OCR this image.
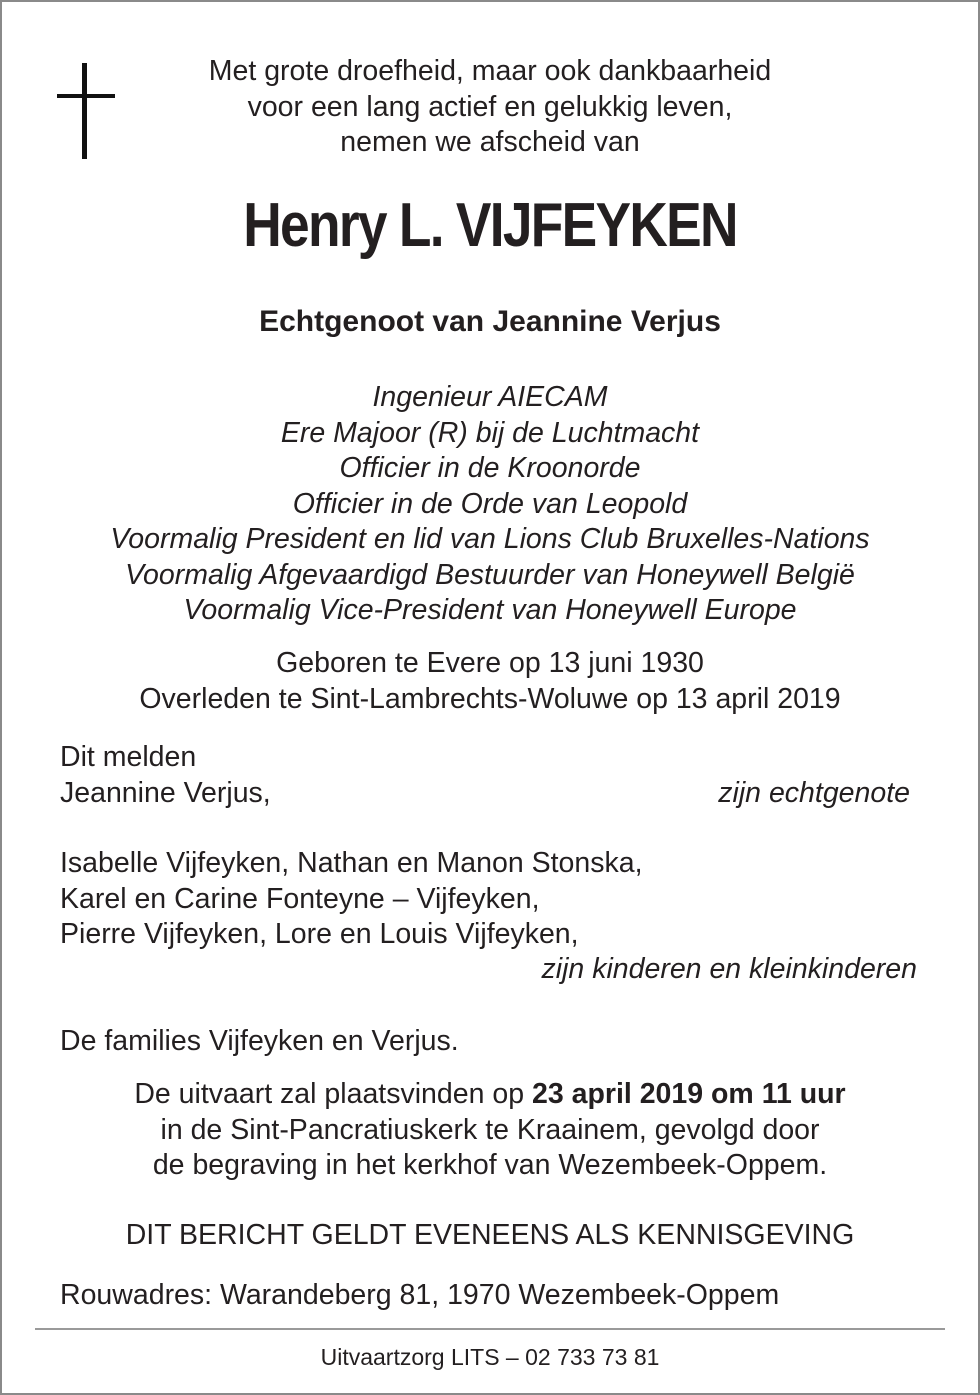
Met grote droefheid, maar ook dankbaarheid
voor een lang actief en gelukkig leven,
nemen we afscheid van
Henry L. VIJFEYKEN
Echtgenoot van Jeannine Verjus
Ingenieur AIECAM
Ere Majoor (R) bij de Luchtmacht
Officier in de Kroonorde
Officier in de Orde van Leopold
Voormalig President en lid van Lions Club Bruxelles-Nations
Voormalig Afgevaardigd Bestuurder van Honeywell België
Voormalig Vice-President van Honeywell Europe
Geboren te Evere op 13 juni 1930
Overleden te Sint-Lambrechts-Woluwe op 13 april 2019
Dit melden
Jeannine Verjus,	zijn echtgenote
Isabelle Vijfeyken, Nathan en Manon Stonska,
Karel en Carine Fonteyne – Vijfeyken,
Pierre Vijfeyken, Lore en Louis Vijfeyken,
zijn kinderen en kleinkinderen
De families Vijfeyken en Verjus.
De uitvaart zal plaatsvinden op 23 april 2019 om 11 uur
in de Sint-Pancratiuskerk te Kraainem, gevolgd door
de begraving in het kerkhof van Wezembeek-Oppem.
DIT BERICHT GELDT EVENEENS ALS KENNISGEVING
Rouwadres: Warandeberg 81, 1970 Wezembeek-Oppem
Uitvaartzorg LITS – 02 733 73 81
